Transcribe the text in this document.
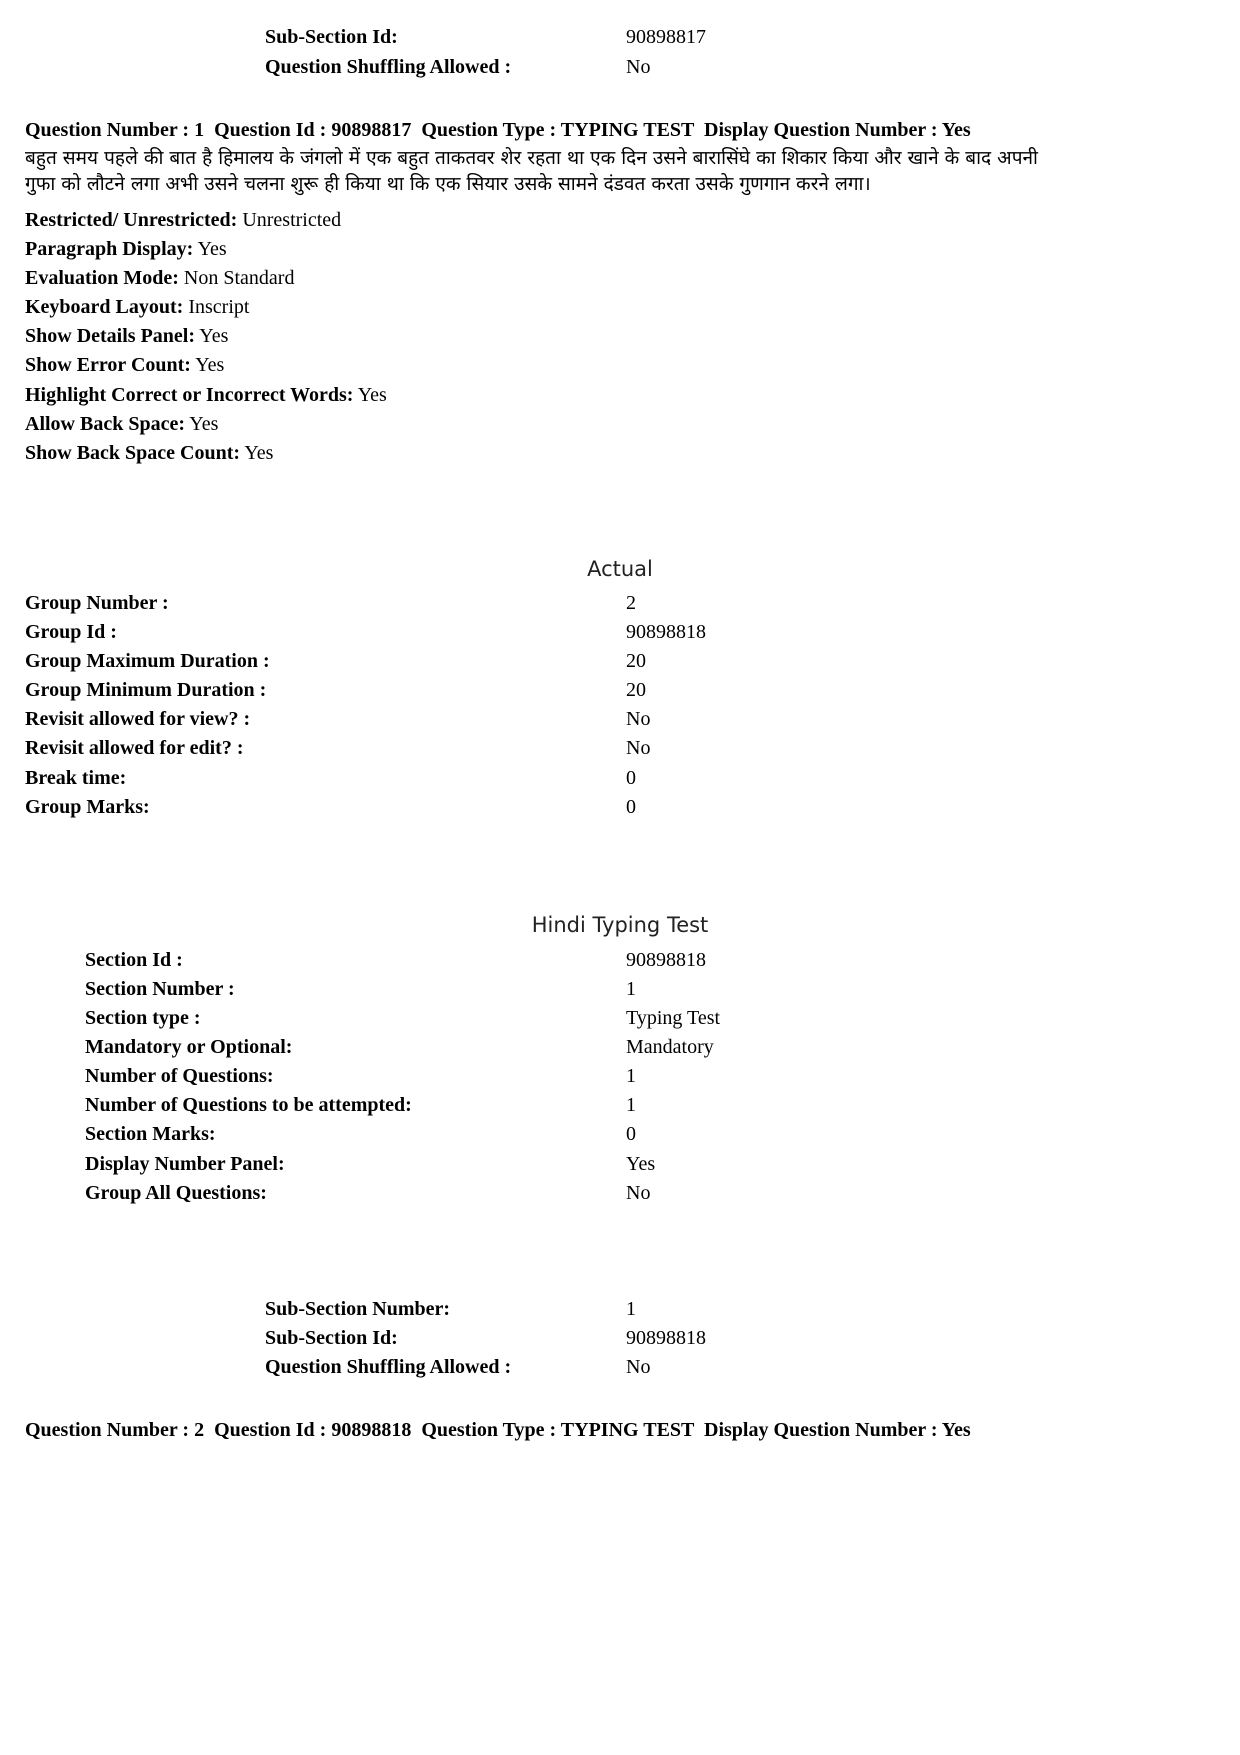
Sub-Section Id:	90898817
Question Shuffling Allowed :	No
Question Number : 1  Question Id : 90898817  Question Type : TYPING TEST  Display Question Number : Yes
बहुत समय पहले की बात है हिमालय के जंगलो में एक बहुत ताकतवर शेर रहता था एक दिन उसने बारासिंघे का शिकार किया और खाने के बाद अपनी
गुफा को लौटने लगा अभी उसने चलना शुरू ही किया था कि एक सियार उसके सामने दंडवत करता उसके गुणगान करने लगा।
Restricted/ Unrestricted: Unrestricted
Paragraph Display: Yes
Evaluation Mode: Non Standard
Keyboard Layout: Inscript
Show Details Panel: Yes
Show Error Count: Yes
Highlight Correct or Incorrect Words: Yes
Allow Back Space: Yes
Show Back Space Count: Yes
Actual
Group Number :	2
Group Id :	90898818
Group Maximum Duration :	20
Group Minimum Duration :	20
Revisit allowed for view? :	No
Revisit allowed for edit? :	No
Break time:	0
Group Marks:	0
Hindi Typing Test
Section Id :	90898818
Section Number :	1
Section type :	Typing Test
Mandatory or Optional:	Mandatory
Number of Questions:	1
Number of Questions to be attempted:	1
Section Marks:	0
Display Number Panel:	Yes
Group All Questions:	No
Sub-Section Number:	1
Sub-Section Id:	90898818
Question Shuffling Allowed :	No
Question Number : 2  Question Id : 90898818  Question Type : TYPING TEST  Display Question Number : Yes
